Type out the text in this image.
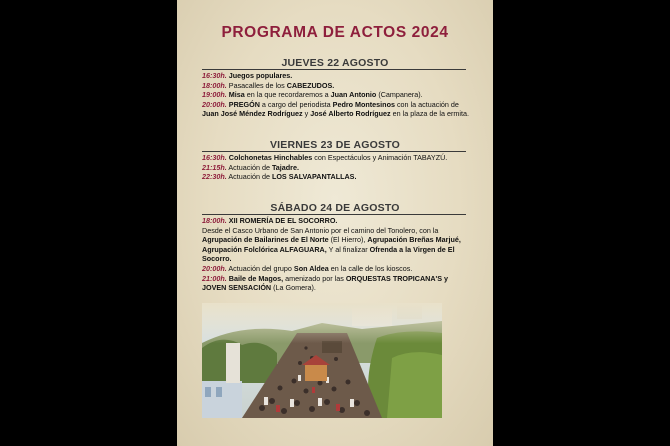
PROGRAMA DE ACTOS 2024
JUEVES 22 AGOSTO
16:30h. Juegos populares.
18:00h. Pasacalles de los CABEZUDOS.
19:00h. Misa en la que recordaremos a Juan Antonio (Campanera).
20:00h. PREGÓN a cargo del periodista Pedro Montesinos con la actuación de Juan José Méndez Rodríguez y José Alberto Rodríguez en la plaza de la ermita.
VIERNES 23 DE AGOSTO
16:30h. Colchonetas Hinchables con Espectáculos y Animación TABAYZÚ.
21:15h. Actuación de Tajadre.
22:30h. Actuación de LOS SALVAPANTALLAS.
SÁBADO 24 DE AGOSTO
18:00h. XII ROMERÍA DE EL SOCORRO.
Desde el Casco Urbano de San Antonio por el camino del Tonolero, con la Agrupación de Bailarines de El Norte (El Hierro), Agrupación Breñas Marjué, Agrupación Folclórica ALFAGUARA, Y al finalizar Ofrenda a la Virgen de El Socorro.
20:00h. Actuación del grupo Son Aldea en la calle de los kioscos.
21:00h. Baile de Magos, amenizado por las ORQUESTAS TROPICANA'S y JOVEN SENSACIÓN (La Gomera).
